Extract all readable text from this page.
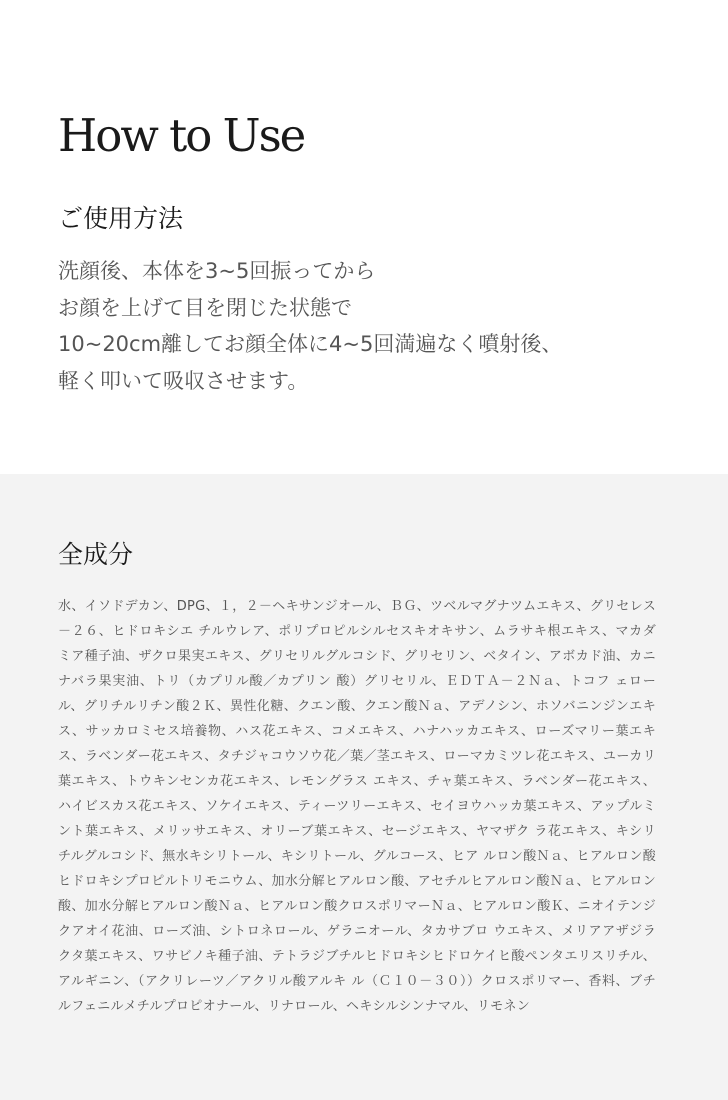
How to Use
ご使用方法
洗顔後、本体を3~5回振ってから
お顔を上げて目を閉じた状態で
10~20cm離してお顔全体に4~5回満遍なく噴射後、
軽く叩いて吸収させます。
全成分

水、イソドデカン、DPG、１，２－ヘキサンジオール、ＢＧ、ツベルマグナツムエキス、グリセレス－２６、ヒドロキシエ チルウレア、ポリプロピルシルセスキオキサン、ムラサキ根エキス、マカダミア種子油、ザクロ果実エキス、グリセリルグルコシド、グリセリン、ベタイン、アボカド油、カニナバラ果実油、トリ（カプリル酸／カプリン 酸）グリセリル、ＥＤＴＡ－２Ｎａ、トコフ ェロール、グリチルリチン酸２Ｋ、異性化糖、クエン酸、クエン酸Ｎａ、アデノシン、ホソバニンジンエキス、サッカロミセス培養物、ハス花エキス、コメエキス、ハナハッカエキス、ローズマリー葉エキス、ラベンダー花エキス、タチジャコウソウ花／葉／茎エキス、ローマカミツレ花エキス、ユーカリ葉エキス、トウキンセンカ花エキス、レモングラス エキス、チャ葉エキス、ラベンダー花エキス、ハイビスカス花エキス、ソケイエキス、ティーツリーエキス、セイヨウハッカ葉エキス、アップルミント葉エキス、メリッサエキス、オリーブ葉エキス、セージエキス、ヤマザク ラ花エキス、キシリチルグルコシド、無水キシリトール、キシリトール、グルコース、ヒア ルロン酸Ｎａ、ヒアルロン酸ヒドロキシプロピルトリモニウム、加水分解ヒアルロン酸、アセチルヒアルロン酸Ｎａ、ヒアルロン酸、加水分解ヒアルロン酸Ｎａ、ヒアルロン酸クロスポリマーＮａ、ヒアルロン酸Ｋ、ニオイテンジクアオイ花油、ローズ油、シトロネロール、ゲラニオール、タカサブロ ウエキス、メリアアザジラクタ葉エキス、ワサビノキ種子油、テトラジブチルヒドロキシヒドロケイヒ酸ペンタエリスリチル、アルギニン、（アクリレーツ／アクリル酸アルキ ル（Ｃ１０－３０））クロスポリマー、香料、ブチルフェニルメチルプロピオナール、リナロール、ヘキシルシンナマル、リモネン
